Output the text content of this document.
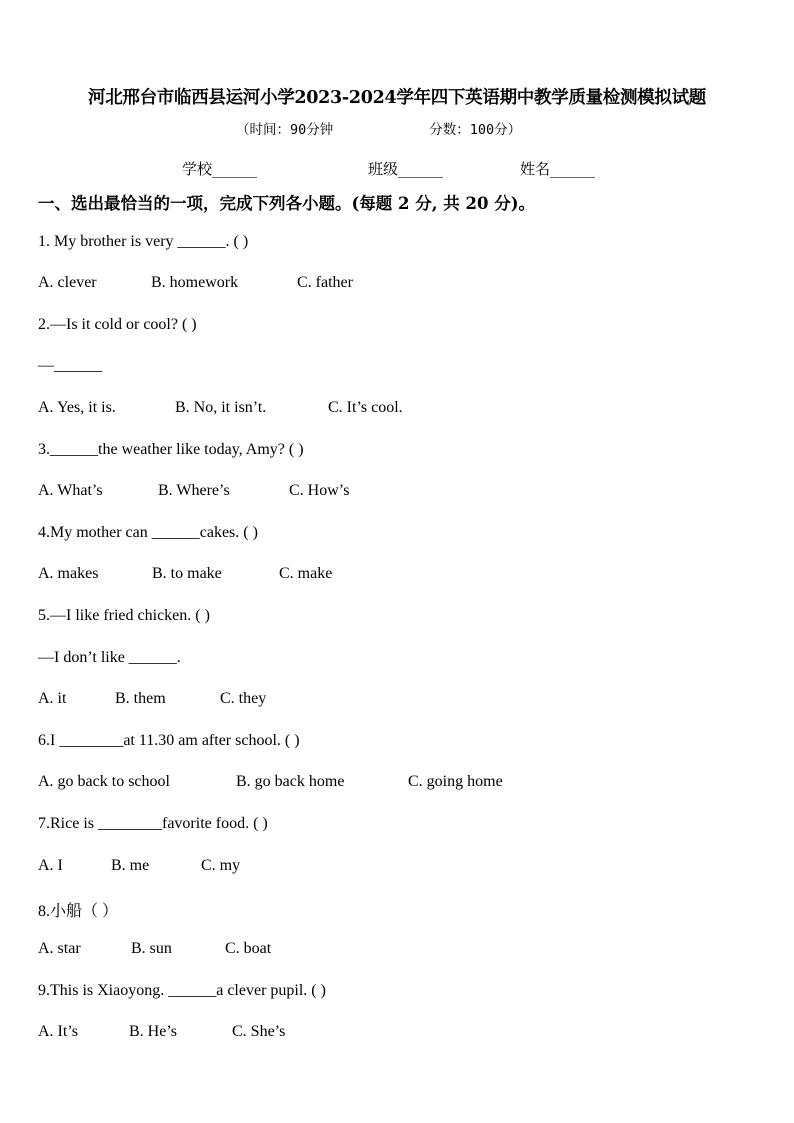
河北邢台市临西县运河小学2023-2024学年四下英语期中教学质量检测模拟试题
（时间：90分钟	分数：100分）
学校______	班级______	姓名______
一、选出最恰当的一项，完成下列各小题。(每题 2 分, 共 20 分)。
1. My brother is very ______. ( )
A. clever	B. homework	C. father
2.—Is it cold or cool? ( )
—______
A. Yes, it is.	B. No, it isn’t.	C. It’s cool.
3.______the weather like today, Amy? ( )
A. What’s	B. Where’s	C. How’s
4.My mother can ______cakes. ( )
A. makes	B. to make	C. make
5.—I like fried chicken. ( )
—I don’t like ______.
A. it	B. them	C. they
6.I ________at 11.30 am after school. ( )
A. go back to school	B. go back home	C. going home
7.Rice is ________favorite food. ( )
A. I	B. me	C. my
8.小船（ ）
A. star	B. sun	C. boat
9.This is Xiaoyong. ______a clever pupil. ( )
A. It’s	B. He’s	C. She’s
